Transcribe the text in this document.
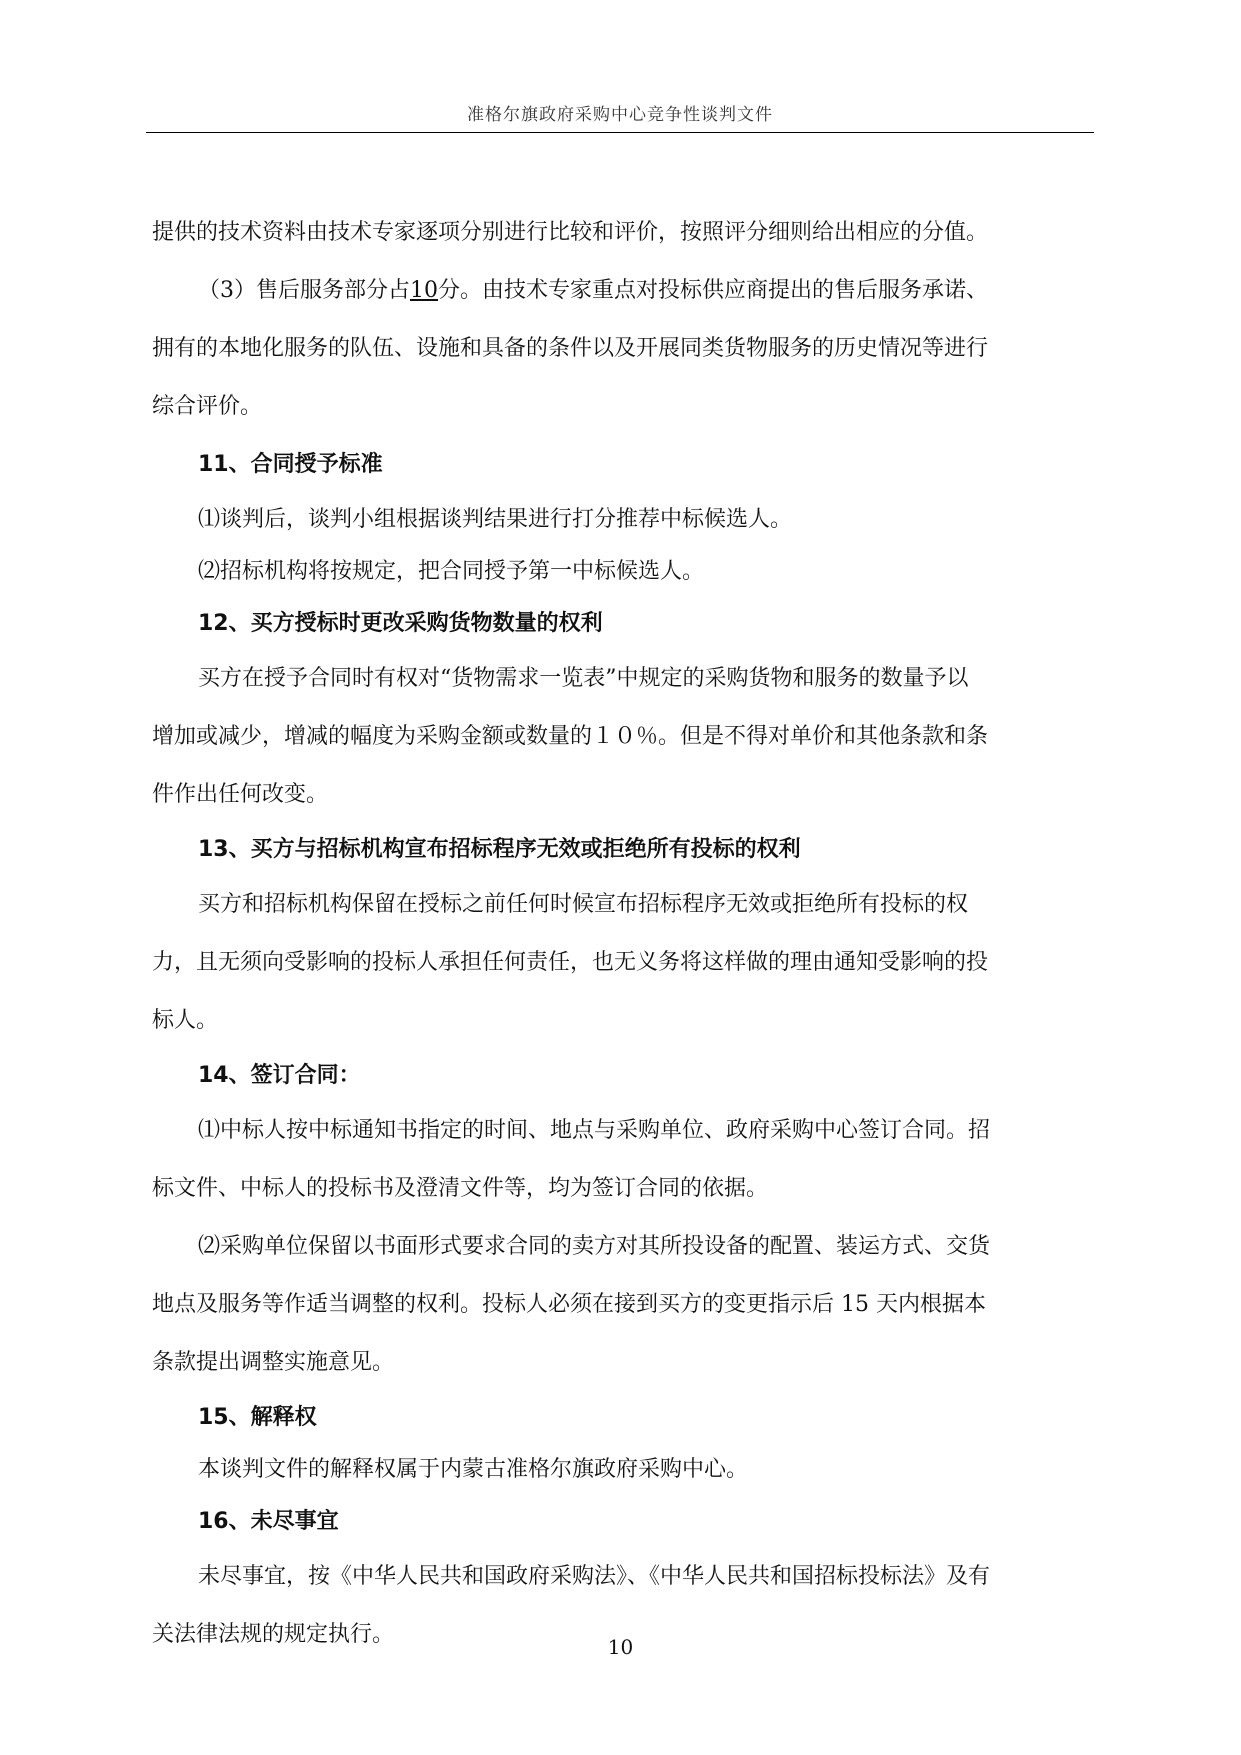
准格尔旗政府采购中心竞争性谈判文件
提供的技术资料由技术专家逐项分别进行比较和评价，按照评分细则给出相应的分值。
（3）售后服务部分占10分。由技术专家重点对投标供应商提出的售后服务承诺、
拥有的本地化服务的队伍、设施和具备的条件以及开展同类货物服务的历史情况等进行
综合评价。
11、合同授予标准
⑴谈判后，谈判小组根据谈判结果进行打分推荐中标候选人。
⑵招标机构将按规定，把合同授予第一中标候选人。
12、买方授标时更改采购货物数量的权利
买方在授予合同时有权对“货物需求一览表”中规定的采购货物和服务的数量予以
增加或减少，增减的幅度为采购金额或数量的１０％。但是不得对单价和其他条款和条
件作出任何改变。
13、买方与招标机构宣布招标程序无效或拒绝所有投标的权利
买方和招标机构保留在授标之前任何时候宣布招标程序无效或拒绝所有投标的权
力，且无须向受影响的投标人承担任何责任，也无义务将这样做的理由通知受影响的投
标人。
14、签订合同：
⑴中标人按中标通知书指定的时间、地点与采购单位、政府采购中心签订合同。招
标文件、中标人的投标书及澄清文件等，均为签订合同的依据。
⑵采购单位保留以书面形式要求合同的卖方对其所投设备的配置、装运方式、交货
地点及服务等作适当调整的权利。投标人必须在接到买方的变更指示后 15 天内根据本
条款提出调整实施意见。
15、解释权
本谈判文件的解释权属于内蒙古准格尔旗政府采购中心。
16、未尽事宜
未尽事宜，按《中华人民共和国政府采购法》、《中华人民共和国招标投标法》及有
关法律法规的规定执行。	10
